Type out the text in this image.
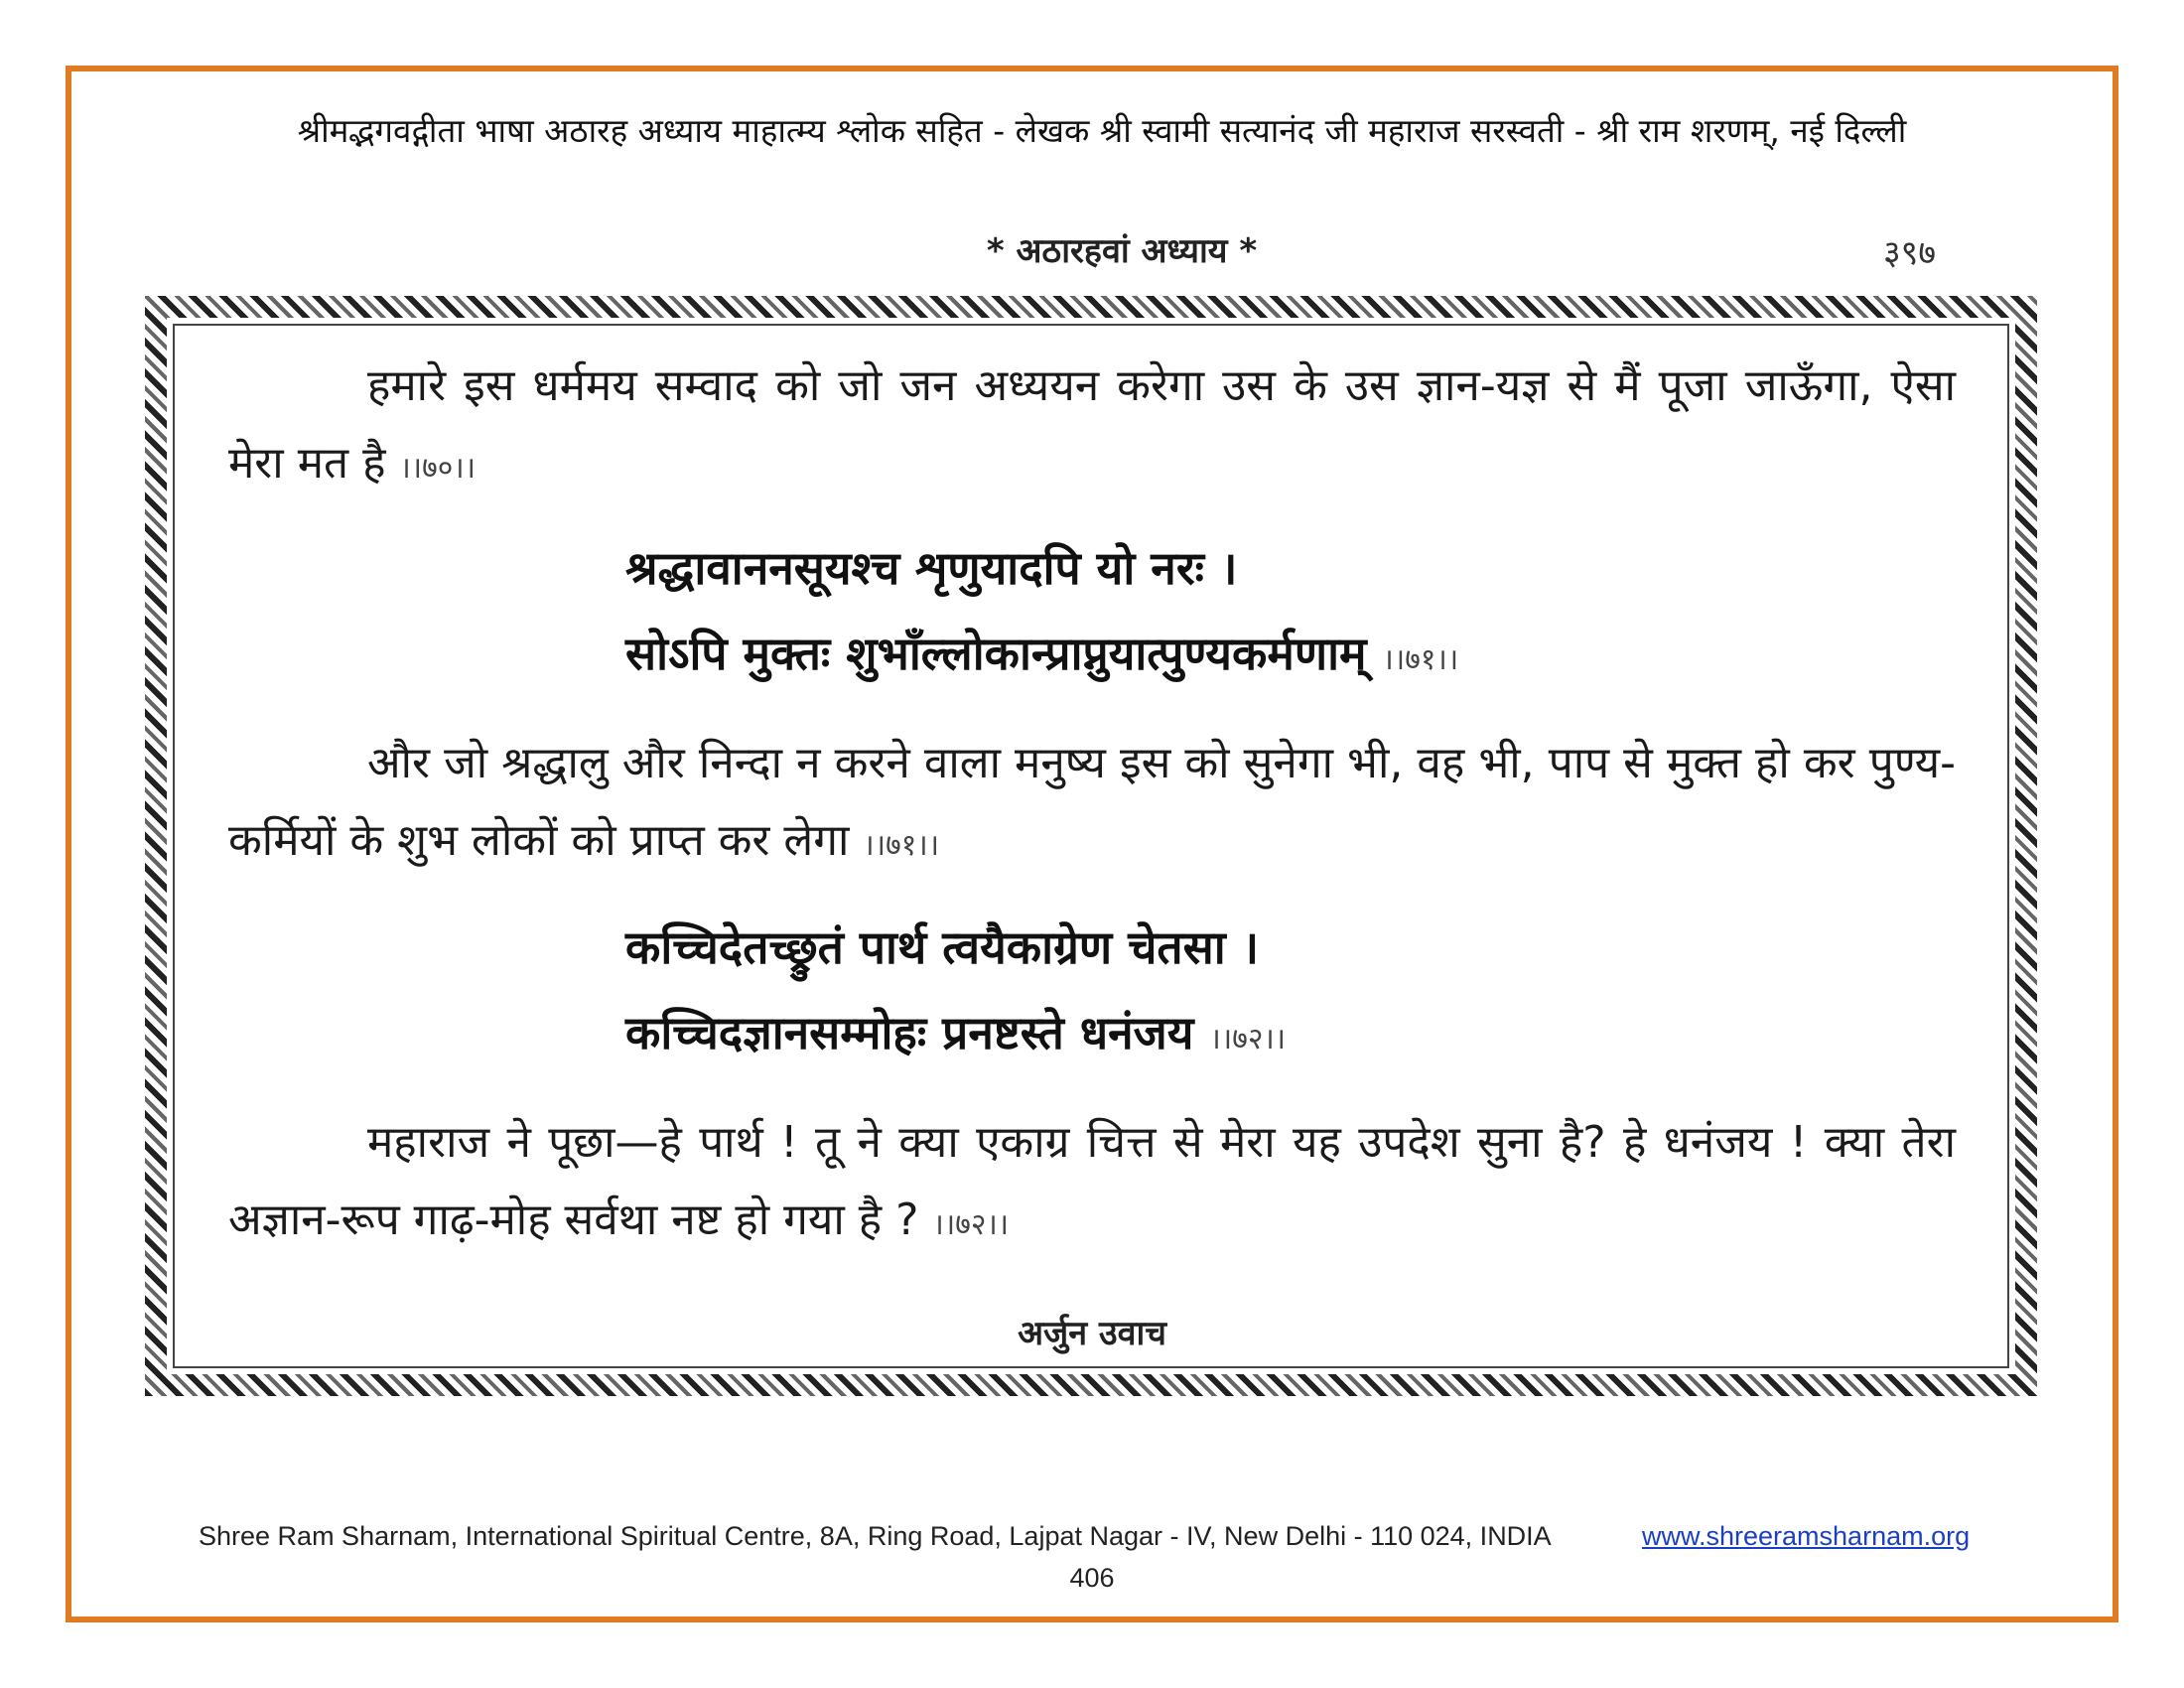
श्रीमद्भगवद्गीता भाषा अठारह अध्याय माहात्म्य श्लोक सहित - लेखक श्री स्वामी सत्यानंद जी महाराज सरस्वती - श्री राम शरणम्, नई दिल्ली
* अठारहवां अध्याय *	३९७

हमारे इस धर्ममय सम्वाद को जो जन अध्ययन करेगा उस के उस ज्ञान-यज्ञ से मैं पूजा जाऊँगा, ऐसा मेरा मत है ।।७०।।

श्रद्धावाननसूयश्च शृणुयादपि यो नरः ।

सोऽपि मुक्तः शुभाँल्लोकान्प्राप्नुयात्पुण्यकर्मणाम् ।।७१।।

और जो श्रद्धालु और निन्दा न करने वाला मनुष्य इस को सुनेगा भी, वह भी, पाप से मुक्त हो कर पुण्य-कर्मियों के शुभ लोकों को प्राप्त कर लेगा ।।७१।।

कच्चिदेतच्छ्रुतं पार्थ त्वयैकाग्रेण चेतसा ।

कच्चिदज्ञानसम्मोहः प्रनष्टस्ते धनंजय ।।७२।।

महाराज ने पूछा—हे पार्थ ! तू ने क्या एकाग्र चित्त से मेरा यह उपदेश सुना है? हे धनंजय ! क्या तेरा अज्ञान-रूप गाढ़-मोह सर्वथा नष्ट हो गया है ? ।।७२।।

अर्जुन उवाच
Shree Ram Sharnam, International Spiritual Centre, 8A, Ring Road, Lajpat Nagar - IV, New Delhi - 110 024, INDIA	www.shreeramsharnam.org
406
